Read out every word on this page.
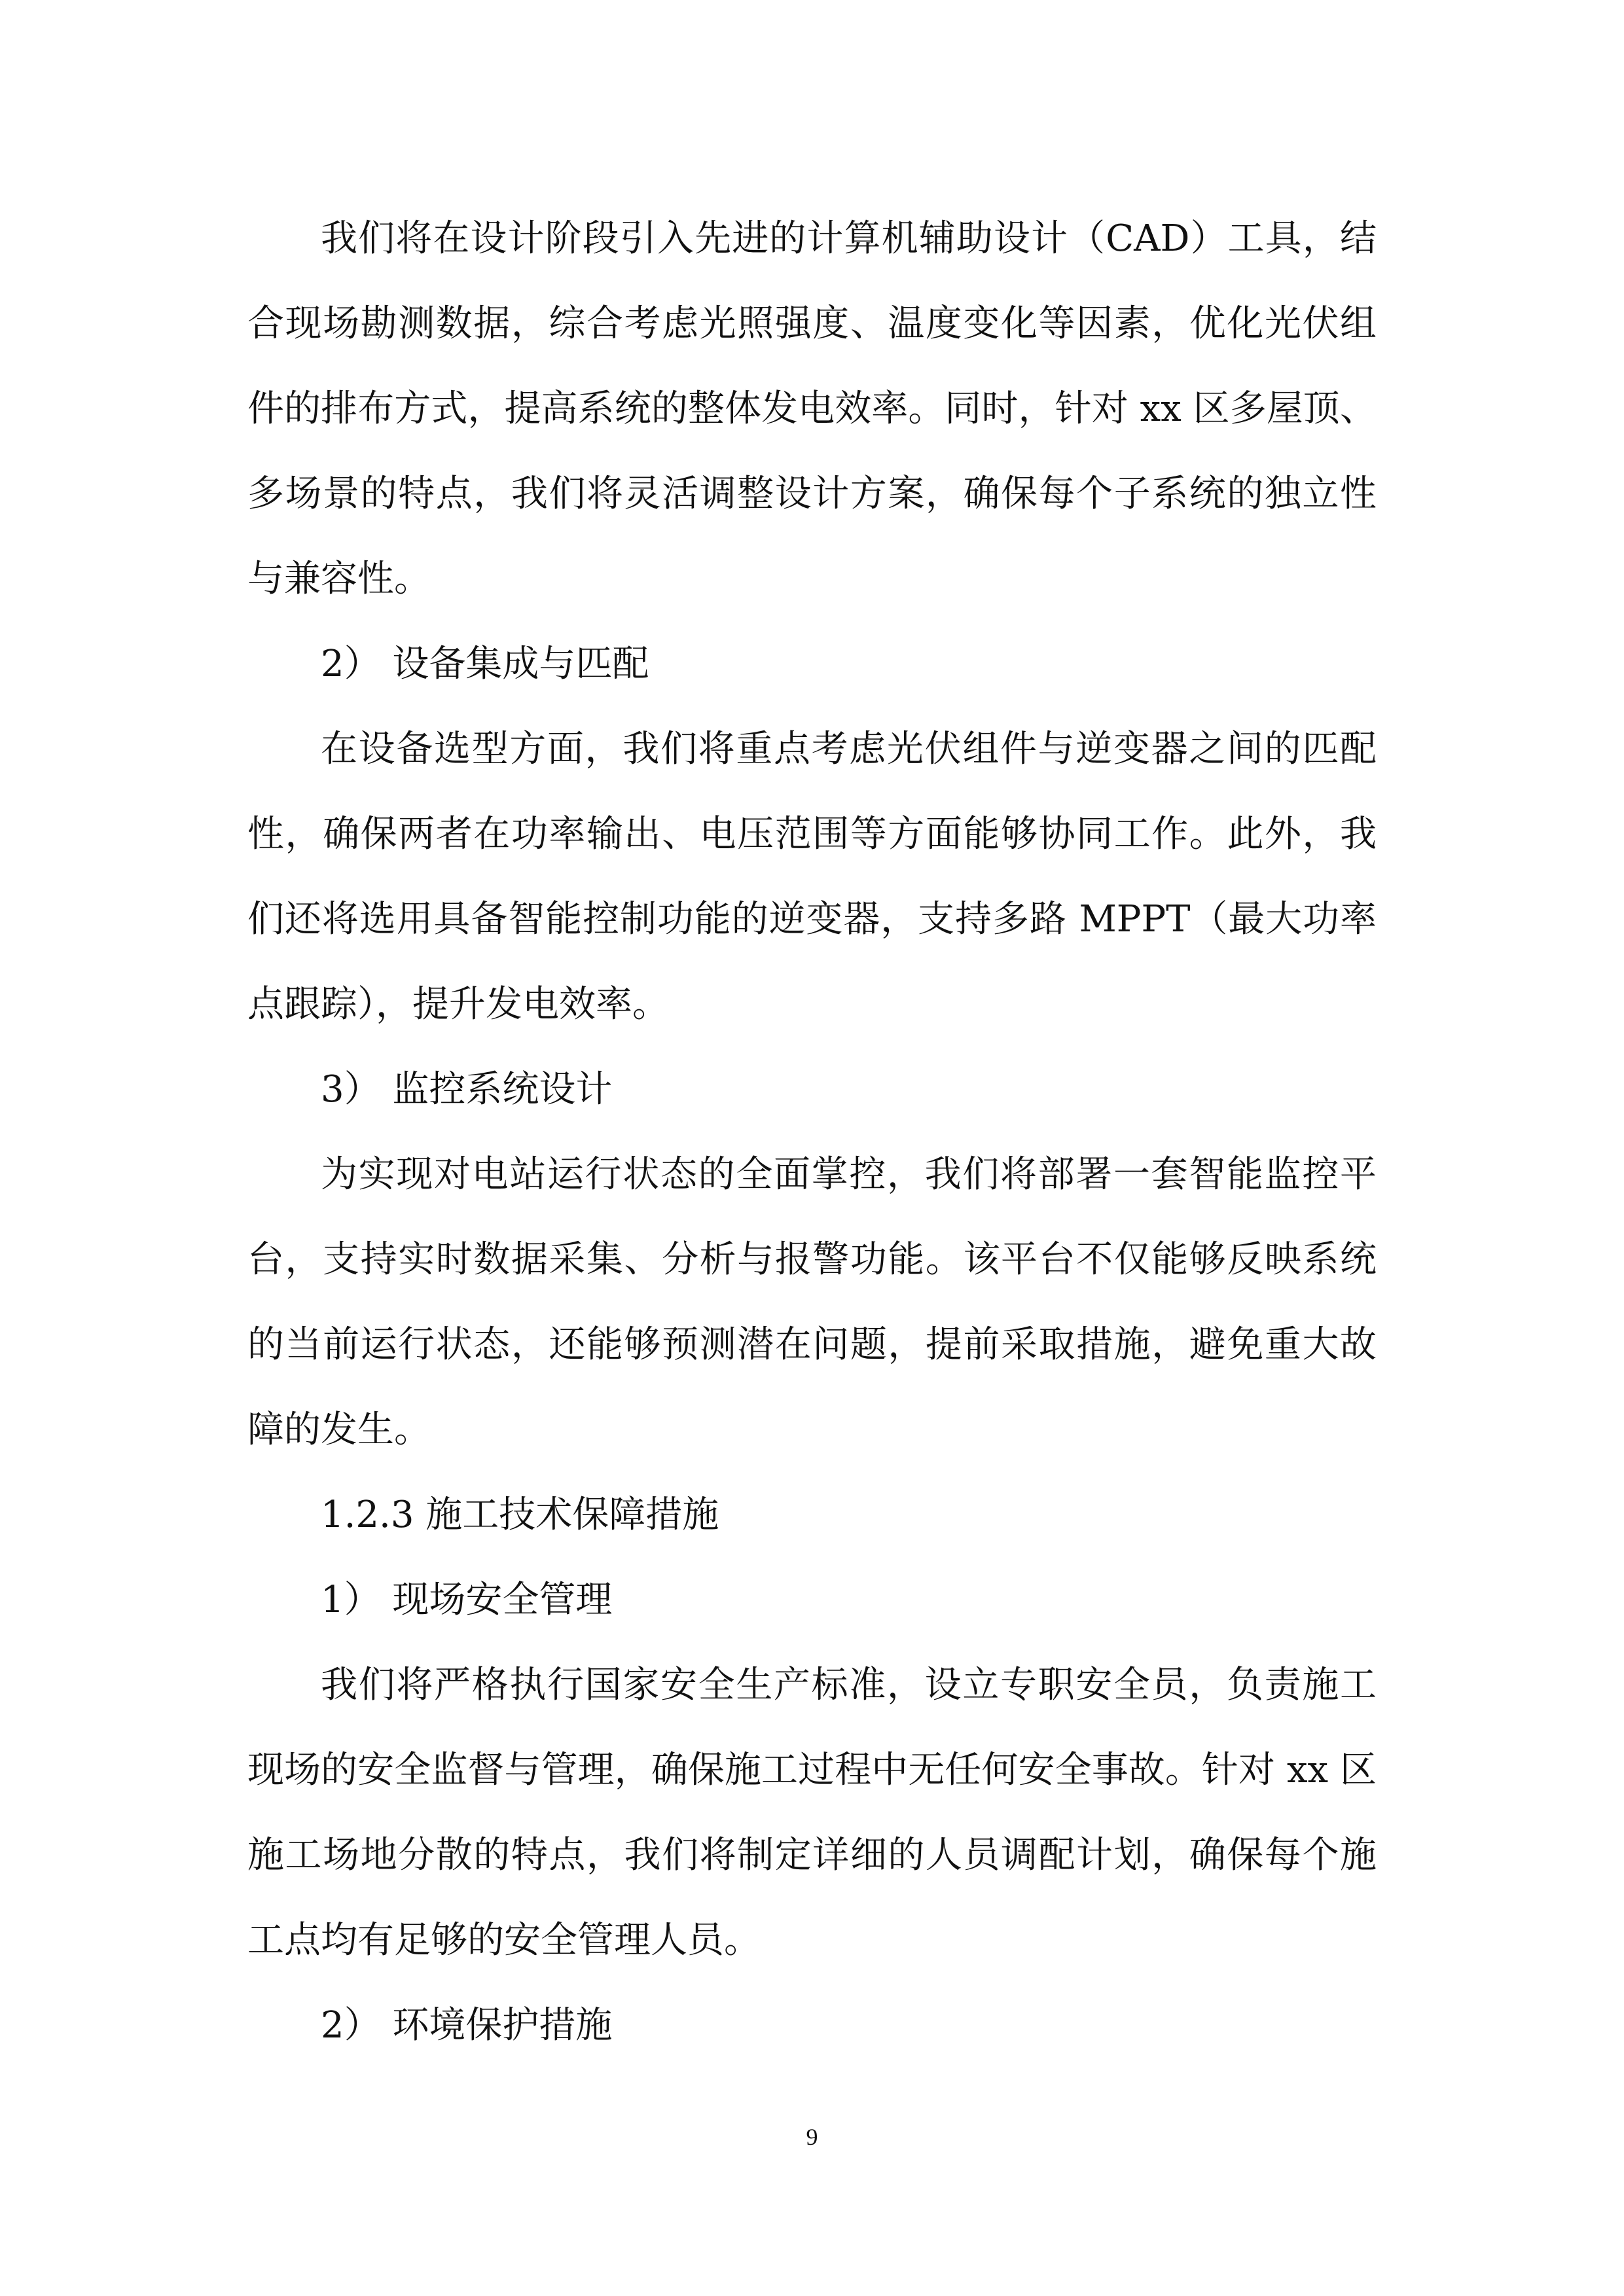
我们将在设计阶段引入先进的计算机辅助设计（CAD）工具，结合现场勘测数据，综合考虑光照强度、温度变化等因素，优化光伏组件的排布方式，提高系统的整体发电效率。同时，针对 xx 区多屋顶、多场景的特点，我们将灵活调整设计方案，确保每个子系统的独立性与兼容性。

2） 设备集成与匹配

在设备选型方面，我们将重点考虑光伏组件与逆变器之间的匹配性，确保两者在功率输出、电压范围等方面能够协同工作。此外，我们还将选用具备智能控制功能的逆变器，支持多路 MPPT（最大功率点跟踪），提升发电效率。

3） 监控系统设计

为实现对电站运行状态的全面掌控，我们将部署一套智能监控平台，支持实时数据采集、分析与报警功能。该平台不仅能够反映系统的当前运行状态，还能够预测潜在问题，提前采取措施，避免重大故障的发生。

1.2.3 施工技术保障措施

1） 现场安全管理

我们将严格执行国家安全生产标准，设立专职安全员，负责施工现场的安全监督与管理，确保施工过程中无任何安全事故。针对 xx 区施工场地分散的特点，我们将制定详细的人员调配计划，确保每个施工点均有足够的安全管理人员。

2） 环境保护措施

9
